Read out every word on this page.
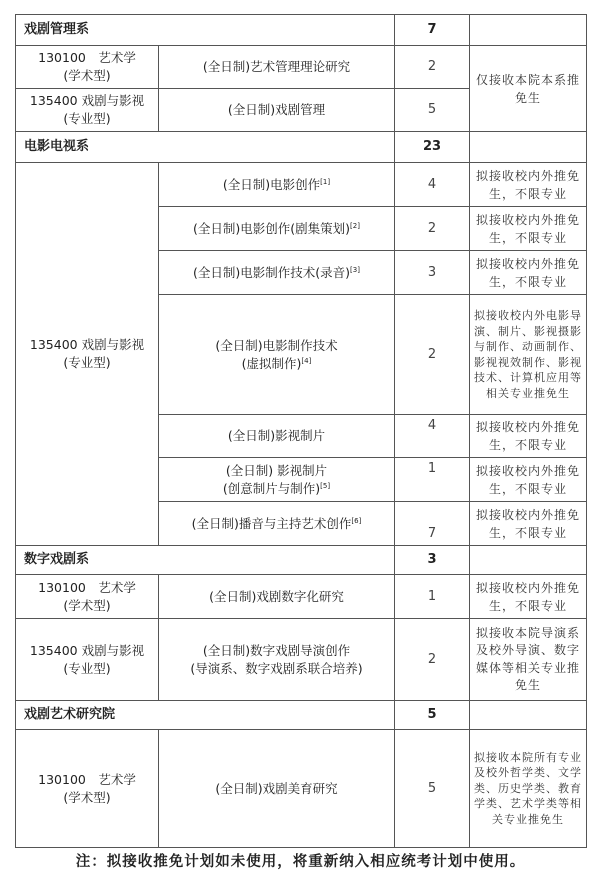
戏剧管理系		7	

130100　艺术学
(学术型)	(全日制)艺术管理理论研究	2	仅接收本院本系推免生

135400 戏剧与影视
(专业型)	(全日制)戏剧管理	5	
电影电视系		23	

135400 戏剧与影视
(专业型)	(全日制)电影创作[1]	4	拟接收校内外推免生，不限专业
	(全日制)电影创作(剧集策划)[2]	2	拟接收校内外推免生，不限专业
	(全日制)电影制作技术(录音)[3]	3	拟接收校内外推免生，不限专业

	(全日制)电影制作技术
(虚拟制作)[4]	2	拟接收校内外电影导演、制片、影视摄影与制作、动画制作、影视视效制作、影视技术、计算机应用等相关专业推免生
	(全日制)影视制片	4	拟接收校内外推免生，不限专业

	(全日制) 影视制片
(创意制片与制作)[5]	1	拟接收校内外推免生，不限专业
	(全日制)播音与主持艺术创作[6]	7	拟接收校内外推免生，不限专业
数字戏剧系		3	

130100　艺术学
(学术型)	(全日制)戏剧数字化研究	1	拟接收校内外推免生，不限专业

135400 戏剧与影视
(专业型)	(全日制)数字戏剧导演创作
(导演系、数字戏剧系联合培养)	2	拟接收本院导演系及校外导演、数字媒体等相关专业推免生
戏剧艺术研究院		5	

130100　艺术学
(学术型)	(全日制)戏剧美育研究	5	拟接收本院所有专业及校外哲学类、文学类、历史学类、教育学类、艺术学类等相关专业推免生
注：拟接收推免计划如未使用，将重新纳入相应统考计划中使用。
